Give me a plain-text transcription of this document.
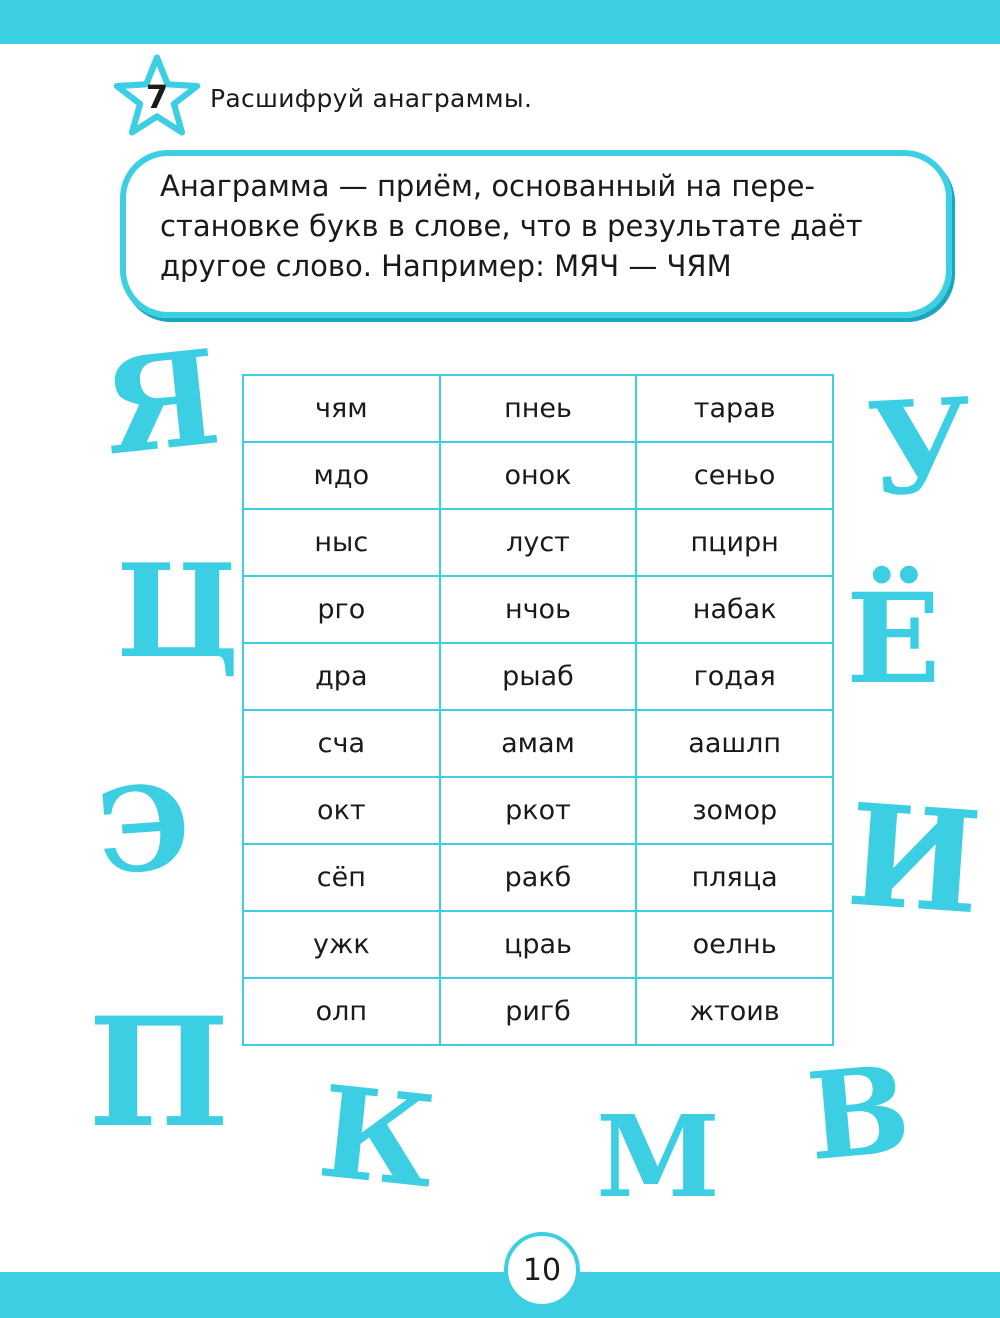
7	Расшифруй анаграммы.
Анаграмма — приём, основанный на пере-
становке букв в слове, что в результате даёт
другое слово. Например: МЯЧ — ЧЯМ
чям	пнеь	тарав
мдо	онок	сеньо
ныс	луст	пцирн
рго	нчоь	набак
дра	рыаб	годая
сча	амам	аашлп
окт	ркот	зомор
сёп	ракб	пляца
ужк	цраь	оелнь
олп	ригб	жтоив
Я
Ц
Э
П К М В
И
Ё
У
10
